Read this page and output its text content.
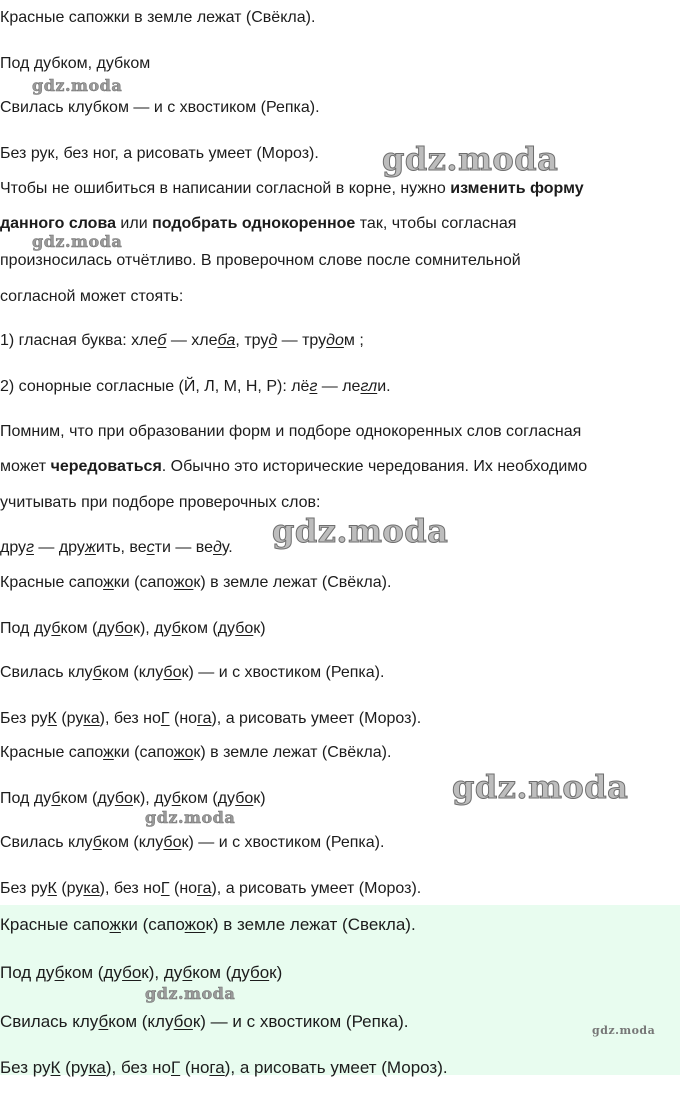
Красные сапожки в земле лежат (Свёкла).

Под дубком, дубком

Свилась клубком — и с хвостиком (Репка).

Без рук, без ног, а рисовать умеет (Мороз).

Чтобы не ошибиться в написании согласной в корне, нужно изменить форму

данного слова или подобрать однокоренное так, чтобы согласная

произносилась отчётливо. В проверочном слове после сомнительной

согласной может стоять:

1) гласная буква: хлеб — хлеба, труд — трудом ;

2) сонорные согласные (Й, Л, М, Н, Р): лёг — легли.

Помним, что при образовании форм и подборе однокоренных слов согласная

может чередоваться. Обычно это исторические чередования. Их необходимо

учитывать при подборе проверочных слов:

друг — дружить, вести — веду.

Красные сапожки (сапожок) в земле лежат (Свёкла).

Под дубком (дубок), дубком (дубок)

Свилась клубком (клубок) — и с хвостиком (Репка).

Без руК (рука), без ноГ (нога), а рисовать умеет (Мороз).

Красные сапожки (сапожок) в земле лежат (Свёкла).

Под дубком (дубок), дубком (дубок)

Свилась клубком (клубок) — и с хвостиком (Репка).

Без руК (рука), без ноГ (нога), а рисовать умеет (Мороз).

Красные сапожки (сапожок) в земле лежат (Свекла).

Под дубком (дубок), дубком (дубок)

Свилась клубком (клубок) — и с хвостиком (Репка).

Без руК (рука), без ноГ (нога), а рисовать умеет (Мороз).

gdz.moda
gdz.moda
gdz.moda
gdz.moda
gdz.moda
gdz.moda
gdz.moda
gdz.moda
